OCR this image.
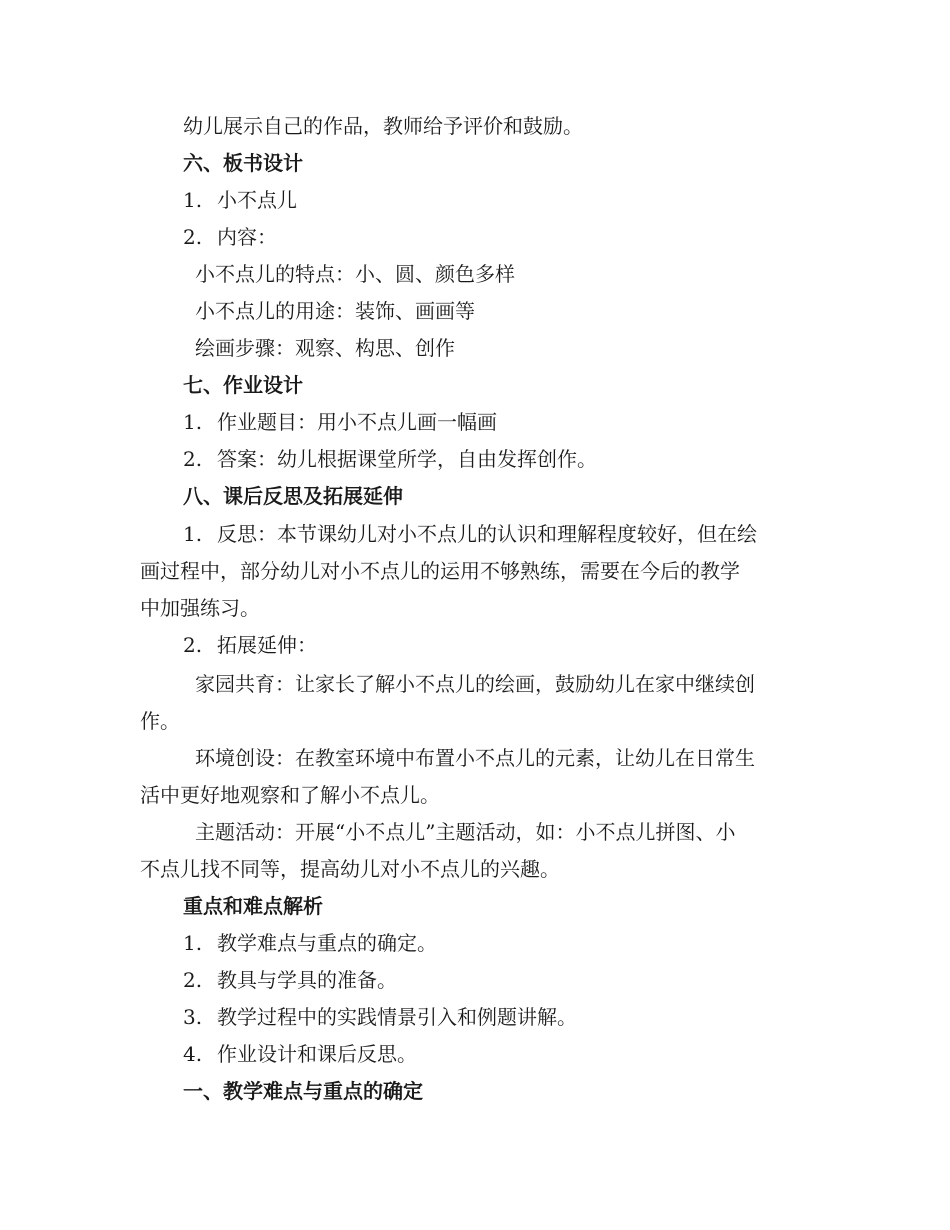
幼儿展示自己的作品，教师给予评价和鼓励。
六、板书设计
1. 小不点儿
2. 内容：
小不点儿的特点：小、圆、颜色多样
小不点儿的用途：装饰、画画等
绘画步骤：观察、构思、创作
七、作业设计
1. 作业题目：用小不点儿画一幅画
2. 答案：幼儿根据课堂所学，自由发挥创作。
八、课后反思及拓展延伸
1. 反思：本节课幼儿对小不点儿的认识和理解程度较好，但在绘
画过程中，部分幼儿对小不点儿的运用不够熟练，需要在今后的教学
中加强练习。
2. 拓展延伸：
家园共育：让家长了解小不点儿的绘画，鼓励幼儿在家中继续创
作。
环境创设：在教室环境中布置小不点儿的元素，让幼儿在日常生
活中更好地观察和了解小不点儿。
主题活动：开展“小不点儿”主题活动，如：小不点儿拼图、小
不点儿找不同等，提高幼儿对小不点儿的兴趣。
重点和难点解析
1. 教学难点与重点的确定。
2. 教具与学具的准备。
3. 教学过程中的实践情景引入和例题讲解。
4. 作业设计和课后反思。
一、教学难点与重点的确定
